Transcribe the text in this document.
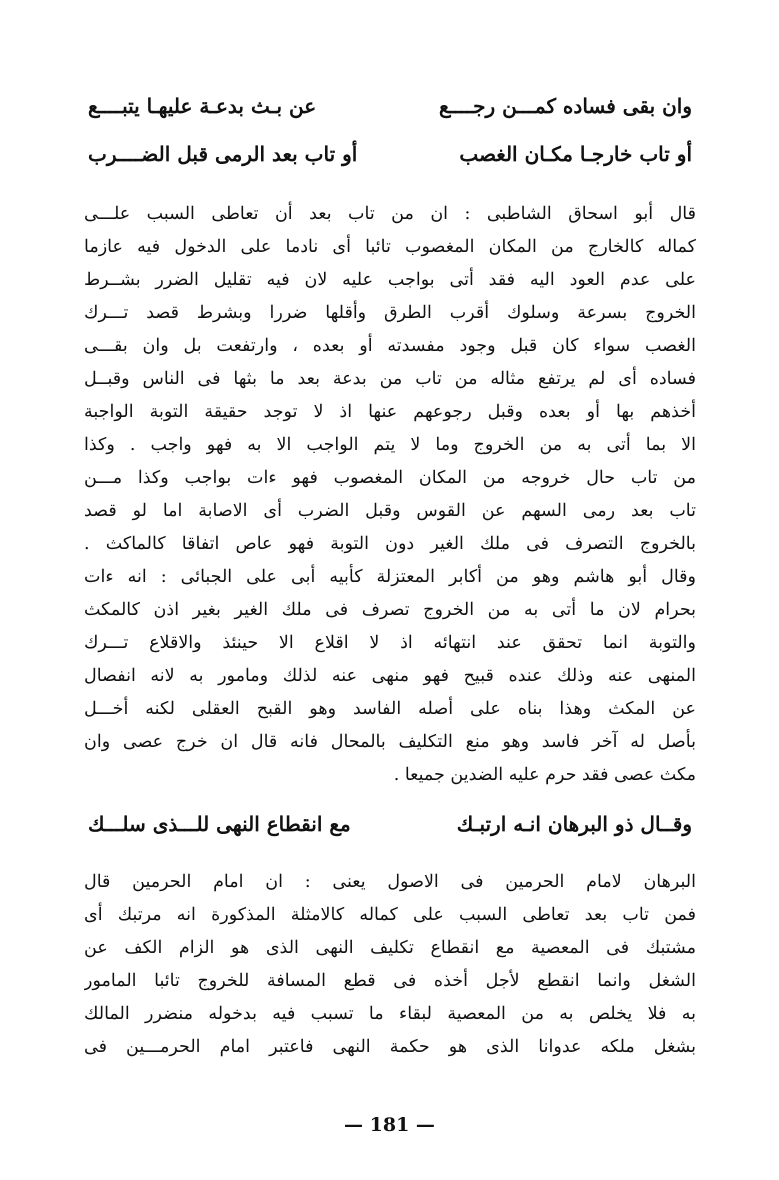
وان بقى فساده كمـــن رجــــع
عن بـث بدعـة عليهـا يتبــــع
أو تاب خارجـا مكـان الغصب
أو تاب بعد الرمى قبل الضــــرب
قال أبو اسحاق الشاطبى : ان من تاب بعد أن تعاطى السبب علـــى
كماله كالخارج من المكان المغصوب تائبا أى نادما على الدخول فيه عازما
على عدم العود اليه فقد أتى بواجب عليه لان فيه تقليل الضرر بشــرط
الخروج بسرعة وسلوك أقرب الطرق وأقلها ضررا وبشرط قصد تـــرك
الغصب سواء كان قبل وجود مفسدته أو بعده ، وارتفعت بل وان بقـــى
فساده أى لم يرتفع مثاله من تاب من بدعة بعد ما بثها فى الناس وقبــل
أخذهم بها أو بعده وقبل رجوعهم عنها اذ لا توجد حقيقة التوبة الواجبة
الا بما أتى به من الخروج وما لا يتم الواجب الا به فهو واجب . وكذا
من تاب حال خروجه من المكان المغصوب فهو ءات بواجب وكذا مـــن
تاب بعد رمى السهم عن القوس وقبل الضرب أى الاصابة اما لو قصد
بالخروج التصرف فى ملك الغير دون التوبة فهو عاص اتفاقا كالماكث .
وقال أبو هاشم وهو من أكابر المعتزلة كأبيه أبى على الجبائى : انه ءات
بحرام لان ما أتى به من الخروج تصرف فى ملك الغير بغير اذن كالمكث
والتوبة انما تحقق عند انتهائه اذ لا اقلاع الا حينئذ والاقلاع تـــرك
المنهى عنه وذلك عنده قبيح فهو منهى عنه لذلك ومامور به لانه انفصال
عن المكث وهذا بناه على أصله الفاسد وهو القبح العقلى لكنه أخـــل
بأصل له آخر فاسد وهو منع التكليف بالمحال فانه قال ان خرج عصى وان
مكث عصى فقد حرم عليه الضدين جميعا .
وقــال ذو البرهان انـه ارتبـك
مع انقطاع النهى للـــذى سلـــك
البرهان لامام الحرمين فى الاصول يعنى : ان امام الحرمين قال
فمن تاب بعد تعاطى السبب على كماله كالامثلة المذكورة انه مرتبك أى
مشتبك فى المعصية مع انقطاع تكليف النهى الذى هو الزام الكف عن
الشغل وانما انقطع لأجل أخذه فى قطع المسافة للخروج تائبا المامور
به فلا يخلص به من المعصية لبقاء ما تسبب فيه بدخوله منضرر المالك
بشغل ملكه عدوانا الذى هو حكمة النهى فاعتبر امام الحرمـــين فى
— 181 —
